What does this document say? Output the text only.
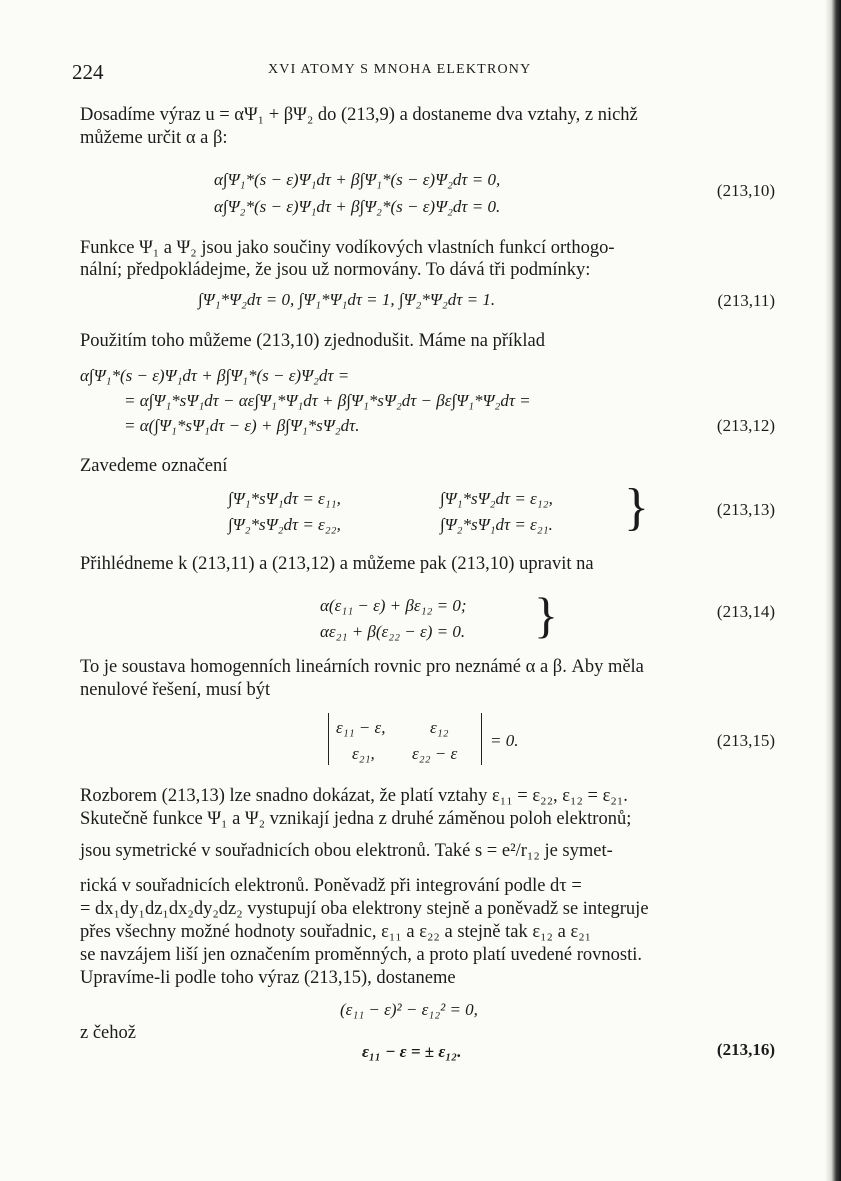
224	XVI ATOMY S MNOHA ELEKTRONY
Dosadíme výraz u = αΨ₁ + βΨ₂ do (213,9) a dostaneme dva vztahy, z nichž
můžeme určit α a β:
α∫Ψ₁*(s − ε)Ψ₁dτ + β∫Ψ₁*(s − ε)Ψ₂dτ = 0,
α∫Ψ₂*(s − ε)Ψ₁dτ + β∫Ψ₂*(s − ε)Ψ₂dτ = 0.
(213,10)
Funkce Ψ₁ a Ψ₂ jsou jako součiny vodíkových vlastních funkcí orthogo-
nální; předpokládejme, že jsou už normovány. To dává tři podmínky:
∫Ψ₁*Ψ₂dτ = 0, ∫Ψ₁*Ψ₁dτ = 1, ∫Ψ₂*Ψ₂dτ = 1.	(213,11)
Použitím toho můžeme (213,10) zjednodušit. Máme na příklad
α∫Ψ₁*(s − ε)Ψ₁dτ + β∫Ψ₁*(s − ε)Ψ₂dτ =
= α∫Ψ₁*sΨ₁dτ − αε∫Ψ₁*Ψ₁dτ + β∫Ψ₁*sΨ₂dτ − βε∫Ψ₁*Ψ₂dτ =
= α(∫Ψ₁*sΨ₁dτ − ε) + β∫Ψ₁*sΨ₂dτ.	(213,12)
Zavedeme označení
∫Ψ₁*sΨ₁dτ = ε₁₁,	∫Ψ₁*sΨ₂dτ = ε₁₂,
∫Ψ₂*sΨ₂dτ = ε₂₂,	∫Ψ₂*sΨ₁dτ = ε₂₁. }	(213,13)
Přihlédneme k (213,11) a (213,12) a můžeme pak (213,10) upravit na
α(ε₁₁ − ε) + βε₁₂ = 0;
αε₂₁ + β(ε₂₂ − ε) = 0. }	(213,14)
To je soustava homogenních lineárních rovnic pro neznámé α a β. Aby měla
nenulové řešení, musí být
ε₁₁ − ε,	ε₁₂
ε₂₁, ε₂₂ − ε
= 0.	(213,15)
Rozborem (213,13) lze snadno dokázat, že platí vztahy ε₁₁ = ε₂₂, ε₁₂ = ε₂₁.
Skutečně funkce Ψ₁ a Ψ₂ vznikají jedna z druhé záměnou poloh elektronů;
jsou symetrické v souřadnicích obou elektronů. Také s = e²/r₁₂ je symet-
rická v souřadnicích elektronů. Poněvadž při integrování podle dτ =
= dx₁dy₁dz₁dx₂dy₂dz₂ vystupují oba elektrony stejně a poněvadž se integruje
přes všechny možné hodnoty souřadnic, ε₁₁ a ε₂₂ a stejně tak ε₁₂ a ε₂₁
se navzájem liší jen označením proměnných, a proto platí uvedené rovnosti.
Upravíme-li podle toho výraz (213,15), dostaneme
(ε₁₁ − ε)² − ε₁₂² = 0,
z čehož
ε₁₁ − ε = ± ε₁₂.	(213,16)
